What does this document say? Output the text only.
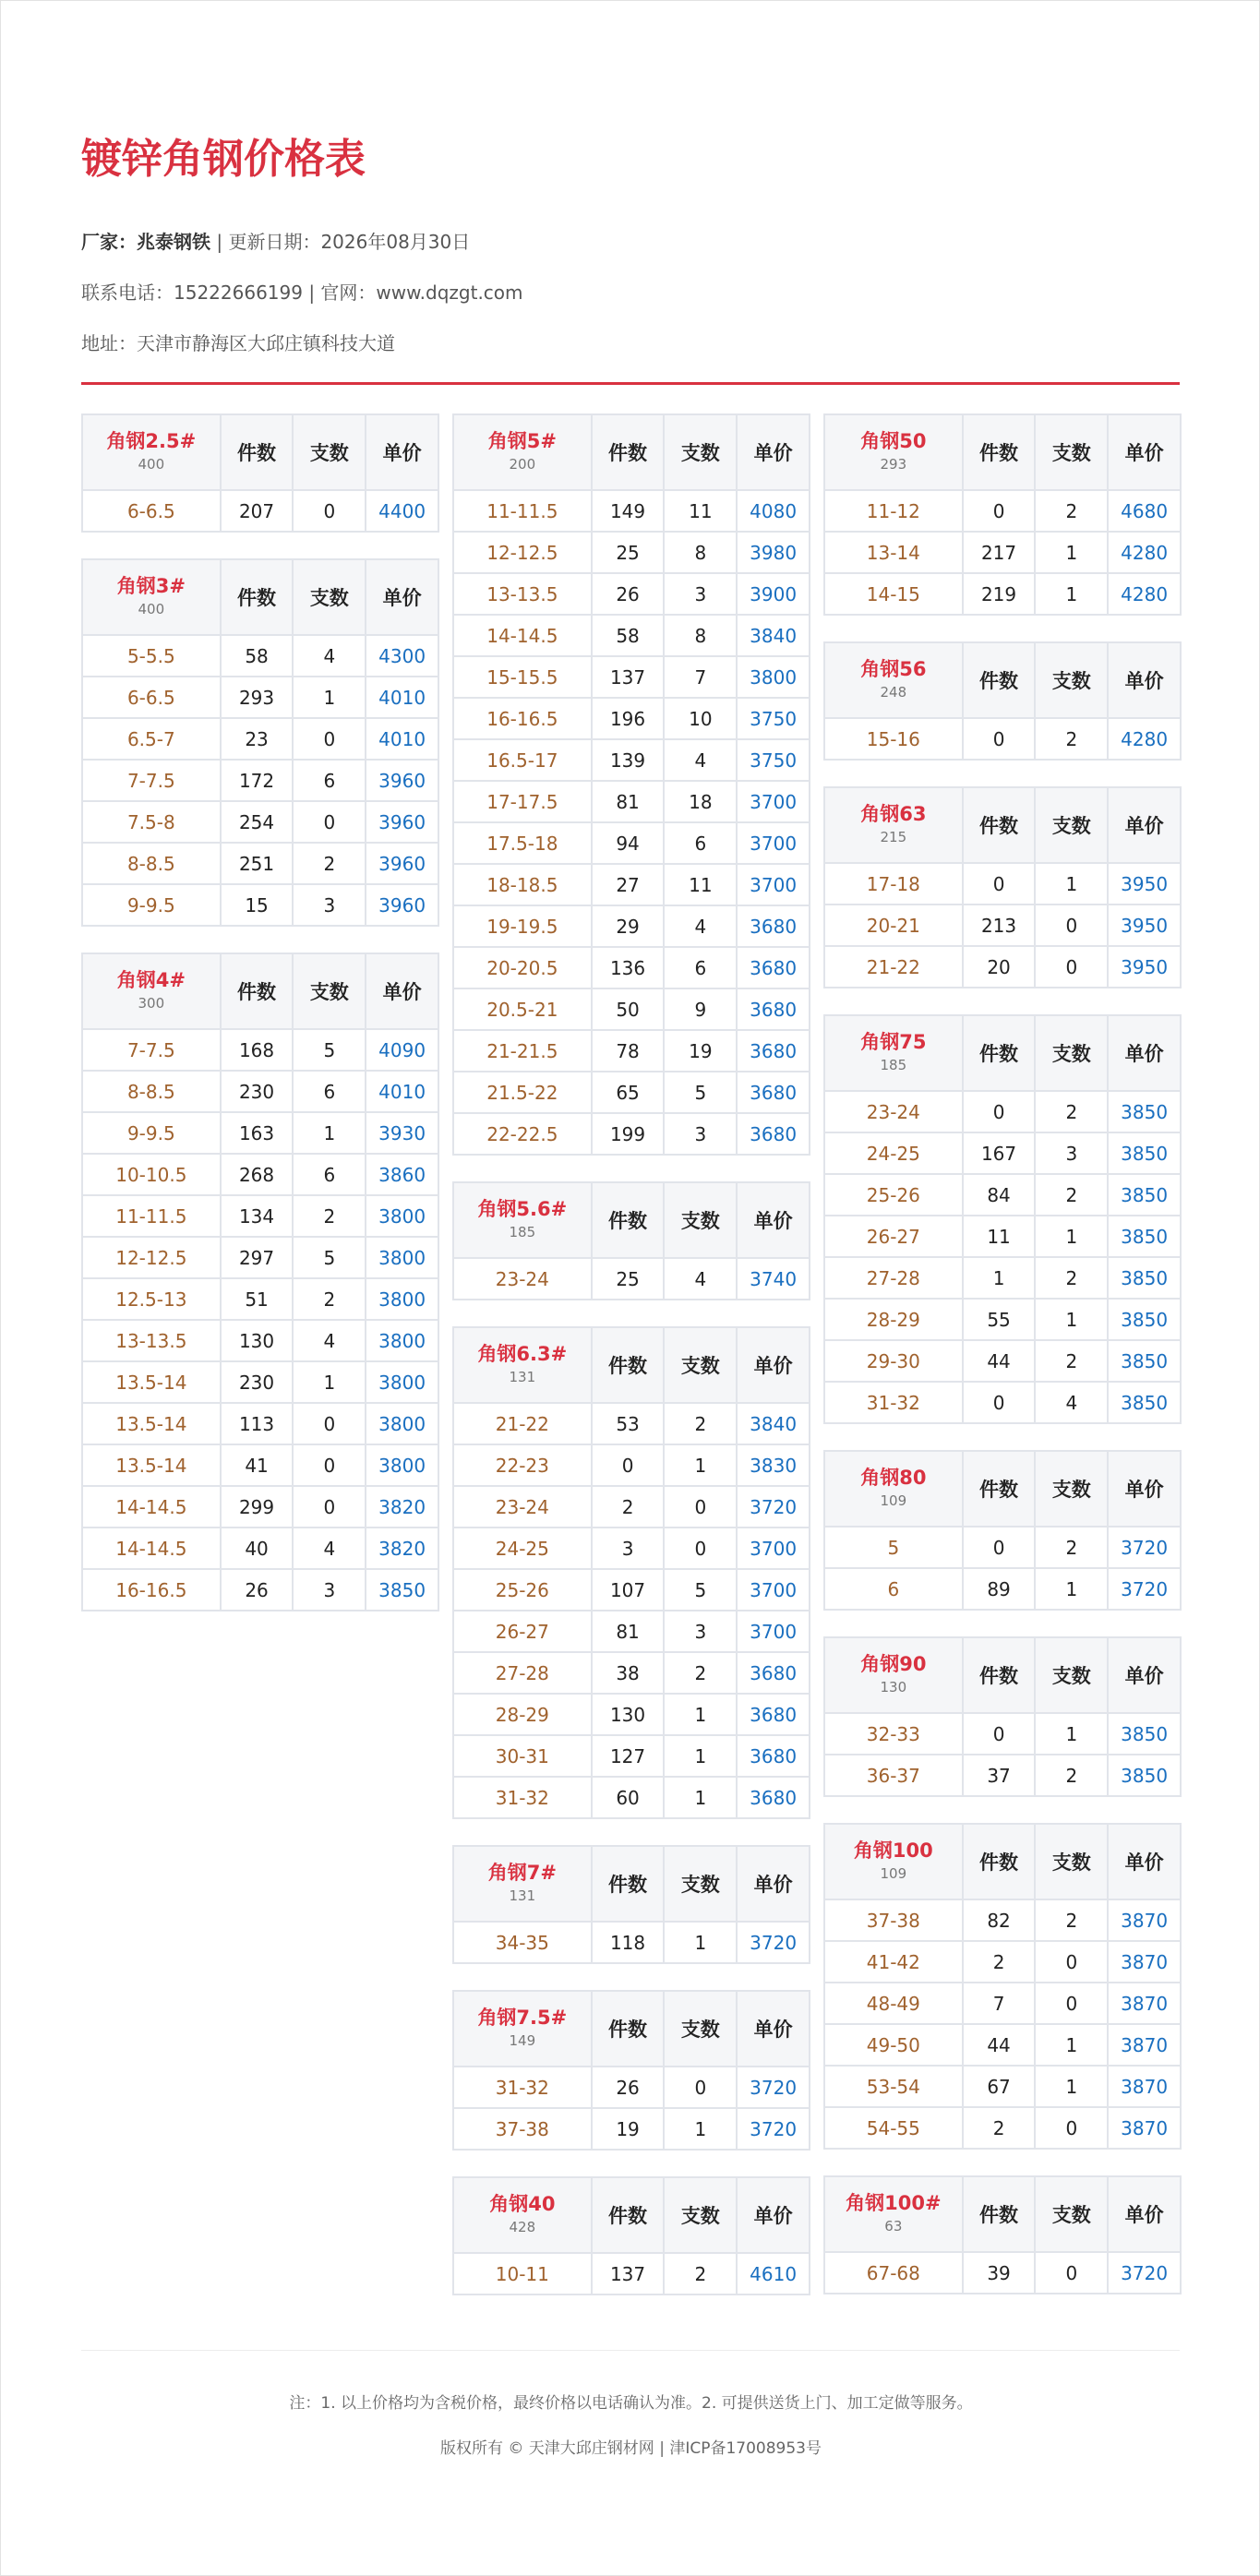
镀锌角钢价格表
厂家：兆泰钢铁 | 更新日期：2026年08月30日
联系电话：15222666199 | 官网：www.dqzgt.com
地址：天津市静海区大邱庄镇科技大道
角钢2.5#
400	件数	支数	单价
6-6.5	207	0	4400
角钢3#
400	件数	支数	单价
5-5.5	58	4	4300
6-6.5	293	1	4010
6.5-7	23	0	4010
7-7.5	172	6	3960
7.5-8	254	0	3960
8-8.5	251	2	3960
9-9.5	15	3	3960
角钢4#
300	件数	支数	单价
7-7.5	168	5	4090
8-8.5	230	6	4010
9-9.5	163	1	3930
10-10.5	268	6	3860
11-11.5	134	2	3800
12-12.5	297	5	3800
12.5-13	51	2	3800
13-13.5	130	4	3800
13.5-14	230	1	3800
13.5-14	113	0	3800
13.5-14	41	0	3800
14-14.5	299	0	3820
14-14.5	40	4	3820
16-16.5	26	3	3850
角钢5#
200	件数	支数	单价
11-11.5	149	11	4080
12-12.5	25	8	3980
13-13.5	26	3	3900
14-14.5	58	8	3840
15-15.5	137	7	3800
16-16.5	196	10	3750
16.5-17	139	4	3750
17-17.5	81	18	3700
17.5-18	94	6	3700
18-18.5	27	11	3700
19-19.5	29	4	3680
20-20.5	136	6	3680
20.5-21	50	9	3680
21-21.5	78	19	3680
21.5-22	65	5	3680
22-22.5	199	3	3680
角钢5.6#
185	件数	支数	单价
23-24	25	4	3740
角钢6.3#
131	件数	支数	单价
21-22	53	2	3840
22-23	0	1	3830
23-24	2	0	3720
24-25	3	0	3700
25-26	107	5	3700
26-27	81	3	3700
27-28	38	2	3680
28-29	130	1	3680
30-31	127	1	3680
31-32	60	1	3680
角钢7#
131	件数	支数	单价
34-35	118	1	3720
角钢7.5#
149	件数	支数	单价
31-32	26	0	3720
37-38	19	1	3720
角钢40
428	件数	支数	单价
10-11	137	2	4610
角钢50
293	件数	支数	单价
11-12	0	2	4680
13-14	217	1	4280
14-15	219	1	4280
角钢56
248	件数	支数	单价
15-16	0	2	4280
角钢63
215	件数	支数	单价
17-18	0	1	3950
20-21	213	0	3950
21-22	20	0	3950
角钢75
185	件数	支数	单价
23-24	0	2	3850
24-25	167	3	3850
25-26	84	2	3850
26-27	11	1	3850
27-28	1	2	3850
28-29	55	1	3850
29-30	44	2	3850
31-32	0	4	3850
角钢80
109	件数	支数	单价
5	0	2	3720
6	89	1	3720
角钢90
130	件数	支数	单价
32-33	0	1	3850
36-37	37	2	3850
角钢100
109	件数	支数	单价
37-38	82	2	3870
41-42	2	0	3870
48-49	7	0	3870
49-50	44	1	3870
53-54	67	1	3870
54-55	2	0	3870
角钢100#
63	件数	支数	单价
67-68	39	0	3720
注：1. 以上价格均为含税价格，最终价格以电话确认为准。2. 可提供送货上门、加工定做等服务。
版权所有 © 天津大邱庄钢材网 | 津ICP备17008953号
